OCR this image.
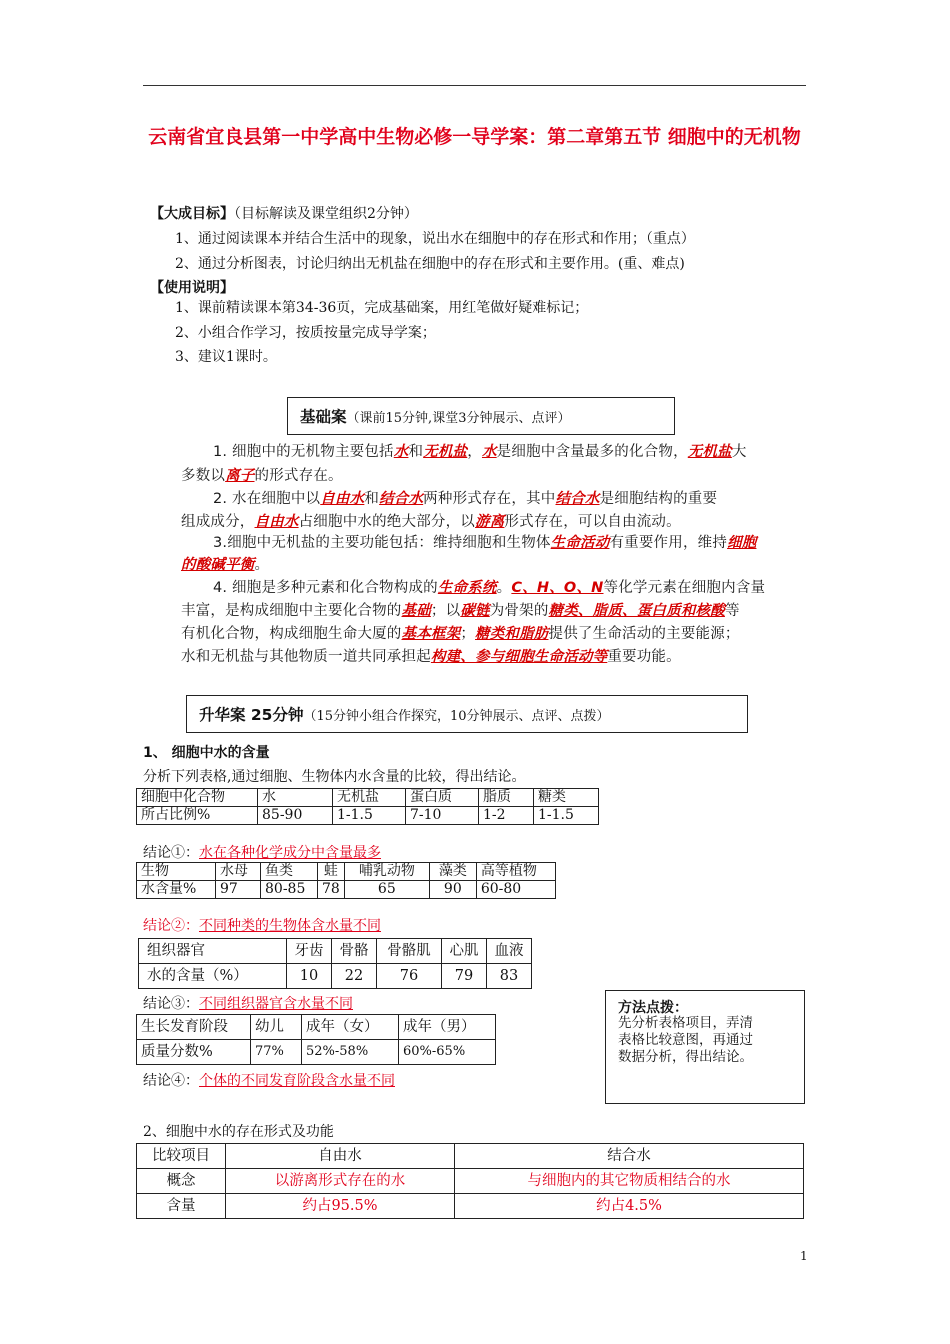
云南省宜良县第一中学高中生物必修一导学案：第二章第五节 细胞中的无机物
【大成目标】（目标解读及课堂组织2分钟）
1、通过阅读课本并结合生活中的现象，说出水在细胞中的存在形式和作用；（重点）
2、通过分析图表，讨论归纳出无机盐在细胞中的存在形式和主要作用。(重、难点)
【使用说明】
1、课前精读课本第34-36页，完成基础案，用红笔做好疑难标记；
2、小组合作学习，按质按量完成导学案；
3、建议1课时。
基础案（课前15分钟,课堂3分钟展示、点评）
1. 细胞中的无机物主要包括水和无机盐，水是细胞中含量最多的化合物，无机盐大
多数以离子的形式存在。
2. 水在细胞中以自由水和结合水两种形式存在，其中结合水是细胞结构的重要
组成成分，自由水占细胞中水的绝大部分，以游离形式存在，可以自由流动。
3.细胞中无机盐的主要功能包括：维持细胞和生物体生命活动有重要作用，维持细胞
的酸碱平衡。
4. 细胞是多种元素和化合物构成的生命系统。C、H、O、N等化学元素在细胞内含量
丰富，是构成细胞中主要化合物的基础；以碳链为骨架的糖类、脂质、蛋白质和核酸等
有机化合物，构成细胞生命大厦的基本框架；糖类和脂肪提供了生命活动的主要能源；
水和无机盐与其他物质一道共同承担起构建、参与细胞生命活动等重要功能。
升华案 25分钟（15分钟小组合作探究，10分钟展示、点评、点拨）
1、 细胞中水的含量
分析下列表格,通过细胞、生物体内水含量的比较，得出结论。
细胞中化合物	水	无机盐	蛋白质	脂质	糖类
所占比例%	85-90	1-1.5	7-10	1-2	1-1.5
结论①：水在各种化学成分中含量最多
生物	水母	鱼类	蛙	哺乳动物	藻类	高等植物
水含量%	97	80-85	78	65	90	60-80
结论②：不同种类的生物体含水量不同
组织器官	牙齿	骨骼	骨骼肌	心肌	血液
水的含量（%）	10	22	76	79	83
结论③：不同组织器官含水量不同
生长发育阶段	幼儿	成年（女）	成年（男）
质量分数%	77%	52%-58%	60%-65%
结论④：个体的不同发育阶段含水量不同
方法点拨：
先分析表格项目，弄清
表格比较意图，再通过
数据分析，得出结论。
2、细胞中水的存在形式及功能
比较项目	自由水	结合水
概念	以游离形式存在的水	与细胞内的其它物质相结合的水
含量	约占95.5%	约占4.5%
1
